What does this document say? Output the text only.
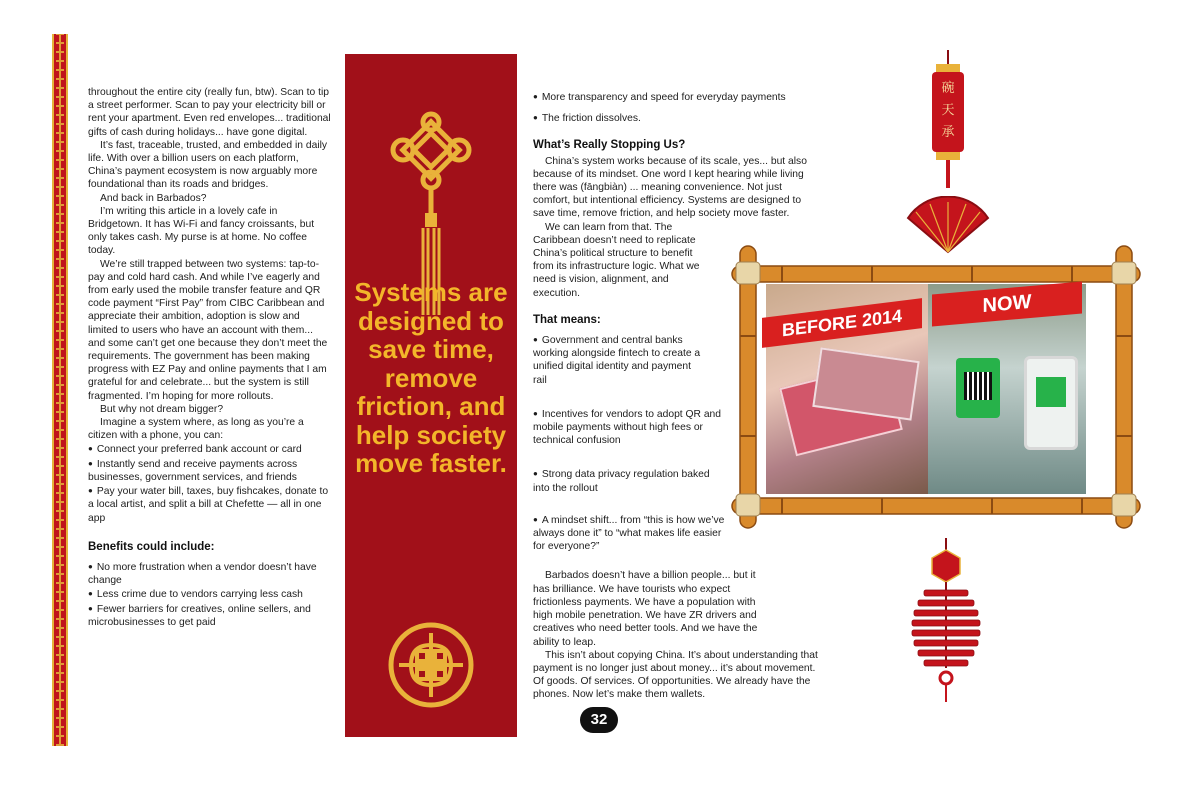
throughout the entire city (really fun, btw). Scan to tip a street performer. Scan to pay your electricity bill or rent your apartment. Even red envelopes... traditional gifts of cash during holidays... have gone digital.

It’s fast, traceable, trusted, and embedded in daily life. With over a billion users on each platform, China’s payment ecosystem is now arguably more foundational than its roads and bridges.

And back in Barbados?

I’m writing this article in a lovely cafe in Bridgetown. It has Wi-Fi and fancy croissants, but only takes cash. My purse is at home. No coffee today.

We’re still trapped between two systems: tap-to-pay and cold hard cash. And while I’ve eagerly and from early used the mobile transfer feature and QR code payment “First Pay” from CIBC Caribbean and appreciate their ambition, adoption is slow and limited to users who have an account with them... and some can’t get one because they don’t meet the requirements. The government has been making progress with EZ Pay and online payments that I am grateful for and celebrate... but the system is still fragmented. I’m hoping for more rollouts.

But why not dream bigger?

Imagine a system where, as long as you’re a citizen with a phone, you can:

● Connect your preferred bank account or card

● Instantly send and receive payments across businesses, government services, and friends

● Pay your water bill, taxes, buy fishcakes, donate to a local artist, and split a bill at Chefette — all in one app

Benefits could include:

● No more frustration when a vendor doesn’t have change

● Less crime due to vendors carrying less cash

● Fewer barriers for creatives, online sellers, and microbusinesses to get paid

Systems are designed to save time, remove friction, and help society move faster.

● More transparency and speed for everyday payments

● The friction dissolves.

What’s Really Stopping Us?

China’s system works because of its scale, yes... but also because of its mindset. One word I kept hearing while living there was (fāngbiàn) ... meaning convenience. Not just comfort, but intentional efficiency. Systems are designed to save time, remove friction, and help society move faster.

We can learn from that. The Caribbean doesn’t need to replicate China’s political structure to benefit from its infrastructure logic. What we need is vision, alignment, and execution.

That means:

● Government and central banks working alongside fintech to create a unified digital identity and payment rail

● Incentives for vendors to adopt QR and mobile payments without high fees or technical confusion

● Strong data privacy regulation baked into the rollout

● A mindset shift... from “this is how we’ve always done it” to “what makes life easier for everyone?”

Barbados doesn’t have a billion people... but it has brilliance. We have tourists who expect frictionless payments. We have a population with high mobile penetration. We have ZR drivers and creatives who need better tools. And we have the ability to leap.

This isn’t about copying China. It’s about understanding that payment is no longer just about money... it’s about movement. Of goods. Of services. Of opportunities. We already have the phones. Now let’s make them wallets.

碗
天
承
BEFORE 2014
NOW
32
